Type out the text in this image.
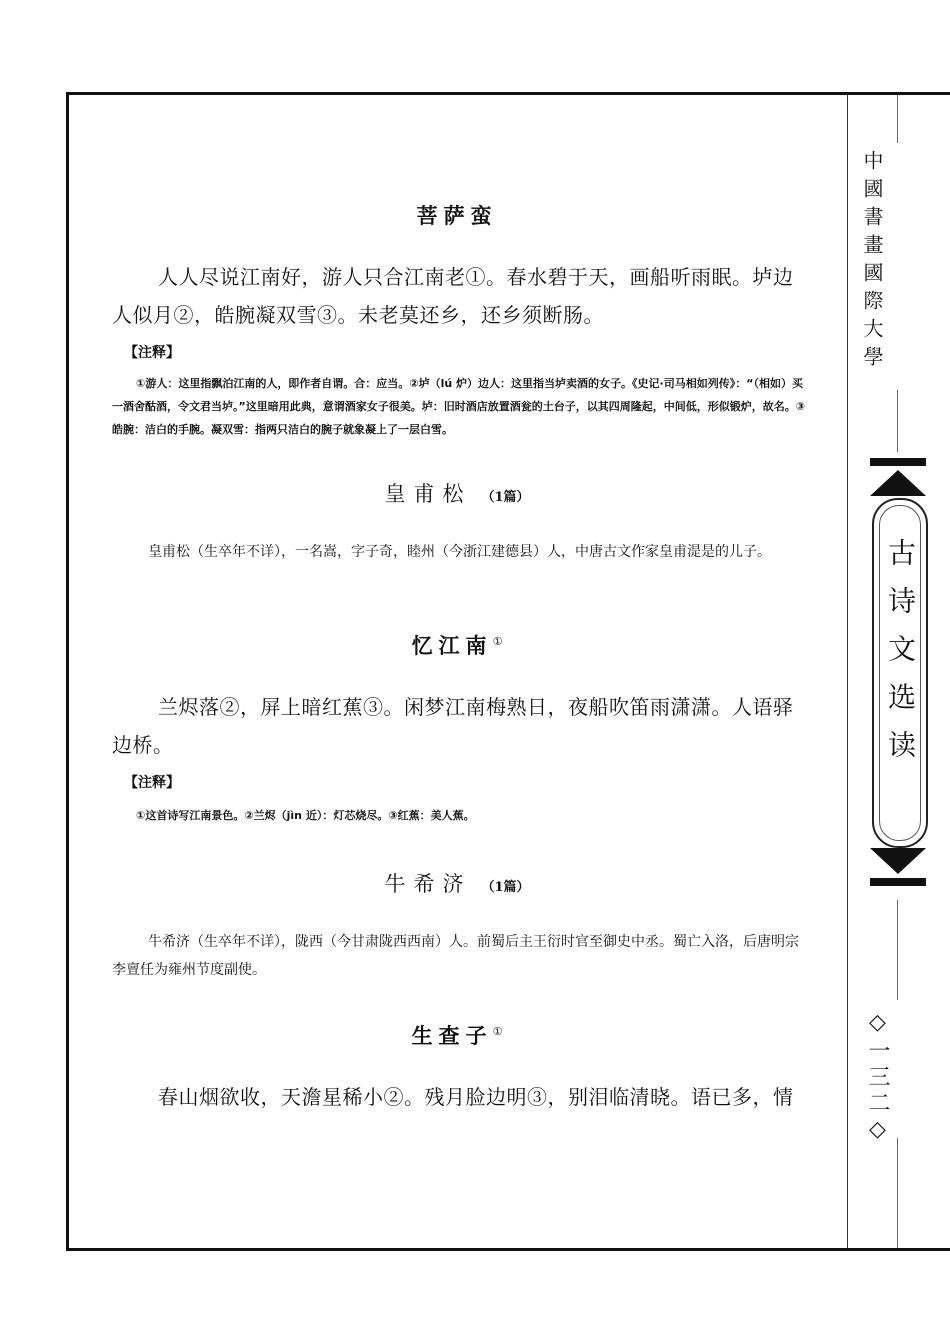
菩萨蛮
人人尽说江南好，游人只合江南老①。春水碧于天，画船听雨眠。垆边人似月②，皓腕凝双雪③。未老莫还乡，还乡须断肠。
【注释】
①游人：这里指飘泊江南的人，即作者自谓。合：应当。②垆（lú 炉）边人：这里指当垆卖酒的女子。《史记·司马相如列传》：“（相如）买一酒舍酤酒，令文君当垆。”这里暗用此典，意谓酒家女子很美。垆：旧时酒店放置酒瓮的土台子，以其四周隆起，中间低，形似锻炉，故名。③皓腕：洁白的手腕。凝双雪：指两只洁白的腕子就象凝上了一层白雪。
皇甫松 （1篇）
皇甫松（生卒年不详），一名嵩，字子奇，睦州（今浙江建德县）人，中唐古文作家皇甫湜是的儿子。
忆江南①
兰烬落②，屏上暗红蕉③。闲梦江南梅熟日，夜船吹笛雨潇潇。人语驿边桥。
【注释】
①这首诗写江南景色。②兰烬（jìn 近）：灯芯烧尽。③红蕉：美人蕉。
牛希济 （1篇）
牛希济（生卒年不详），陇西（今甘肃陇西西南）人。前蜀后主王衍时官至御史中丞。蜀亡入洛，后唐明宗李亶任为雍州节度副使。
生查子①
春山烟欲收，天澹星稀小②。残月脸边明③，别泪临清晓。语已多，情
中國書畫國際大學
古诗文选读
◇一三二◇
